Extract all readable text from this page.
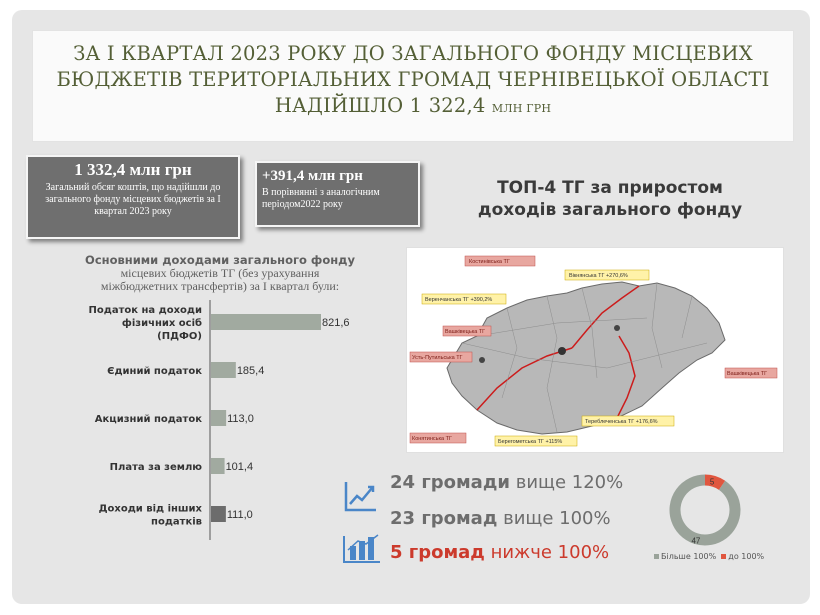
ЗА I КВАРТАЛ 2023 РОКУ ДО ЗАГАЛЬНОГО ФОНДУ МІСЦЕВИХ
БЮДЖЕТІВ ТЕРИТОРІАЛЬНИХ ГРОМАД ЧЕРНІВЕЦЬКОЇ ОБЛАСТІ
НАДІЙШЛО 1 322,4 МЛН ГРН
1 332,4 млн грн
Загальний обсяг коштів, що надійшли до загального фонду місцевих бюджетів за I квартал 2023 року
+391,4 млн грн
В порівнянні з аналогічним періодом2022 року
ТОП-4 ТГ за приростом
доходів загального фонду
Основними доходами загального фонду
місцевих бюджетів ТГ (без урахування
міжбюджетних трансфертів) за I квартал були:
821,6
Податок на доходи
фізичних осіб
(ПДФО)
185,4
Єдиний податок
113,0
Акцизний податок
101,4
Плата за землю
111,0
Доходи від інших
податків
Костинівська ТГ
Вікнянська ТГ +270,6%
Веренчанська ТГ +390,2%
Вашківецька ТГ
Усть-Путильська ТГ
Вашківецька ТГ
Тереблеченська ТГ +176,6%
Конятинська ТГ	Берегометська ТГ +115%
24 громади вище 120%
23 громад вище 100%
5 громад нижче 100%
5
47
Більше 100% до 100%
